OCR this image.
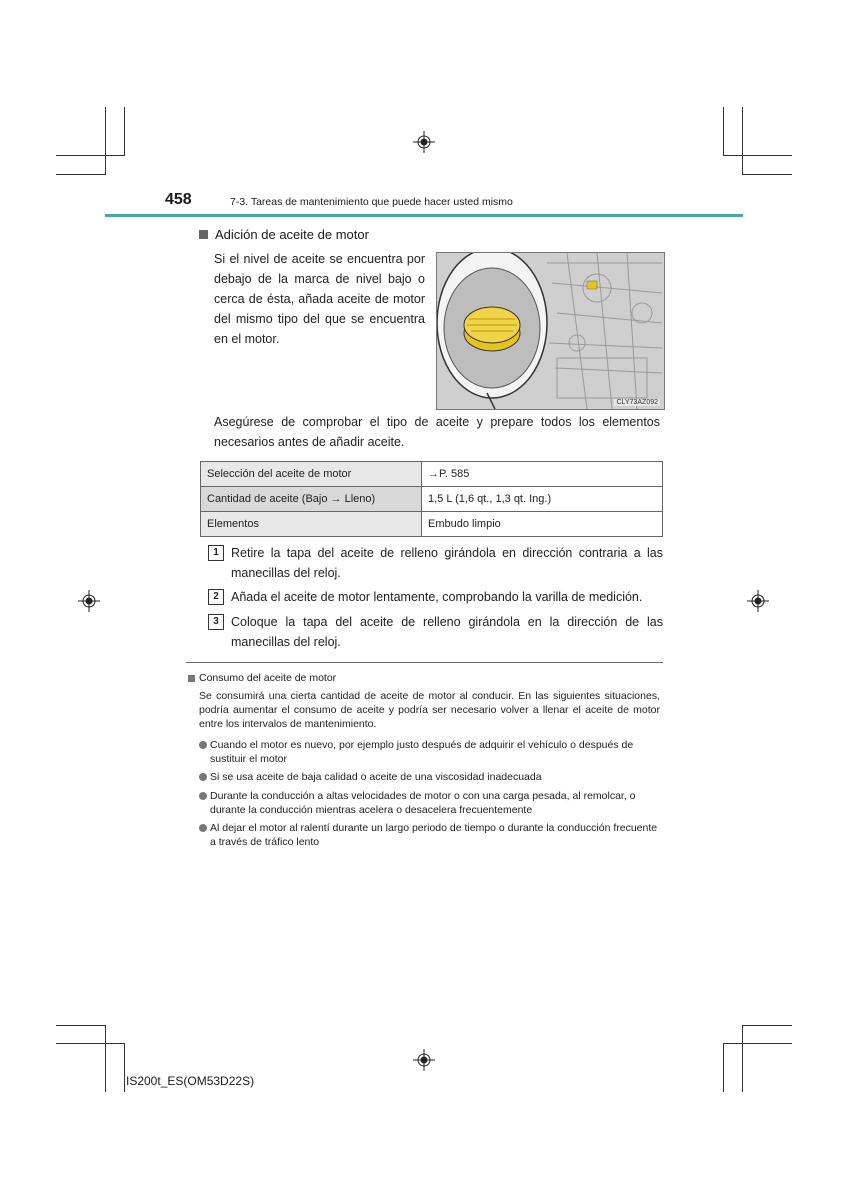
458	7-3. Tareas de mantenimiento que puede hacer usted mismo
Adición de aceite de motor
Si el nivel de aceite se encuentra por debajo de la marca de nivel bajo o cerca de ésta, añada aceite de motor del mismo tipo del que se encuentra en el motor.
CLY73AZ092
Asegúrese de comprobar el tipo de aceite y prepare todos los elementos necesarios antes de añadir aceite.
Selección del aceite de motor	→P. 585
Cantidad de aceite (Bajo → Lleno)	1,5 L (1,6 qt., 1,3 qt. Ing.)
Elementos	Embudo limpio
1 Retire la tapa del aceite de relleno girándola en dirección contraria a las manecillas del reloj.
2 Añada el aceite de motor lentamente, comprobando la varilla de medición.
3 Coloque la tapa del aceite de relleno girándola en la dirección de las manecillas del reloj.
Consumo del aceite de motor
Se consumirá una cierta cantidad de aceite de motor al conducir. En las siguientes situaciones, podría aumentar el consumo de aceite y podría ser necesario volver a llenar el aceite de motor entre los intervalos de mantenimiento.
Cuando el motor es nuevo, por ejemplo justo después de adquirir el vehículo o después de sustituir el motor
Si se usa aceite de baja calidad o aceite de una viscosidad inadecuada
Durante la conducción a altas velocidades de motor o con una carga pesada, al remolcar, o durante la conducción mientras acelera o desacelera frecuentemente
Al dejar el motor al ralentí durante un largo periodo de tiempo o durante la conducción frecuente a través de tráfico lento
IS200t_ES(OM53D22S)
